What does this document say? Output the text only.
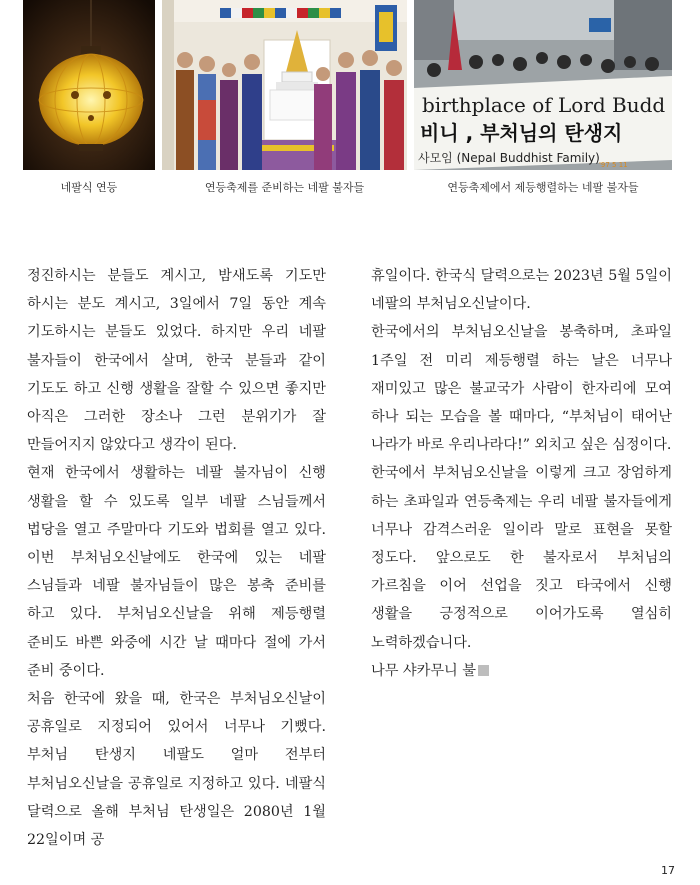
birthplace of Lord Budd
비니 , 부처님의 탄생지
사모임 (Nepal Buddhist Family) '97 5 11
네팔식 연등	연등축제를 준비하는 네팔 불자들	연등축제에서 제등행렬하는 네팔 불자들

정진하시는 분들도 계시고, 밤새도록 기도만 하시는 분도 계시고, 3일에서 7일 동안 계속 기도하시는 분들도 있었다. 하지만 우리 네팔 불자들이 한국에서 살며, 한국 분들과 같이 기도도 하고 신행 생활을 잘할 수 있으면 좋지만 아직은 그러한 장소나 그런 분위기가 잘 만들어지지 않았다고 생각이 된다.

현재 한국에서 생활하는 네팔 불자님이 신행 생활을 할 수 있도록 일부 네팔 스님들께서 법당을 열고 주말마다 기도와 법회를 열고 있다. 이번 부처님오신날에도 한국에 있는 네팔 스님들과 네팔 불자님들이 많은 봉축 준비를 하고 있다. 부처님오신날을 위해 제등행렬 준비도 바쁜 와중에 시간 날 때마다 절에 가서 준비 중이다.

처음 한국에 왔을 때, 한국은 부처님오신날이 공휴일로 지정되어 있어서 너무나 기뻤다. 부처님 탄생지 네팔도 얼마 전부터 부처님오신날을 공휴일로 지정하고 있다. 네팔식 달력으로 올해 부처님 탄생일은 2080년 1월 22일이며 공

휴일이다. 한국식 달력으로는 2023년 5월 5일이 네팔의 부처님오신날이다.

한국에서의 부처님오신날을 봉축하며, 초파일 1주일 전 미리 제등행렬 하는 날은 너무나 재미있고 많은 불교국가 사람이 한자리에 모여 하나 되는 모습을 볼 때마다, “부처님이 태어난 나라가 바로 우리나라다!” 외치고 싶은 심정이다.

한국에서 부처님오신날을 이렇게 크고 장엄하게 하는 초파일과 연등축제는 우리 네팔 불자들에게 너무나 감격스러운 일이라 말로 표현을 못할 정도다. 앞으로도 한 불자로서 부처님의 가르침을 이어 선업을 짓고 타국에서 신행 생활을 긍정적으로 이어가도록 열심히 노력하겠습니다.

나무 샤카무니 불

17
